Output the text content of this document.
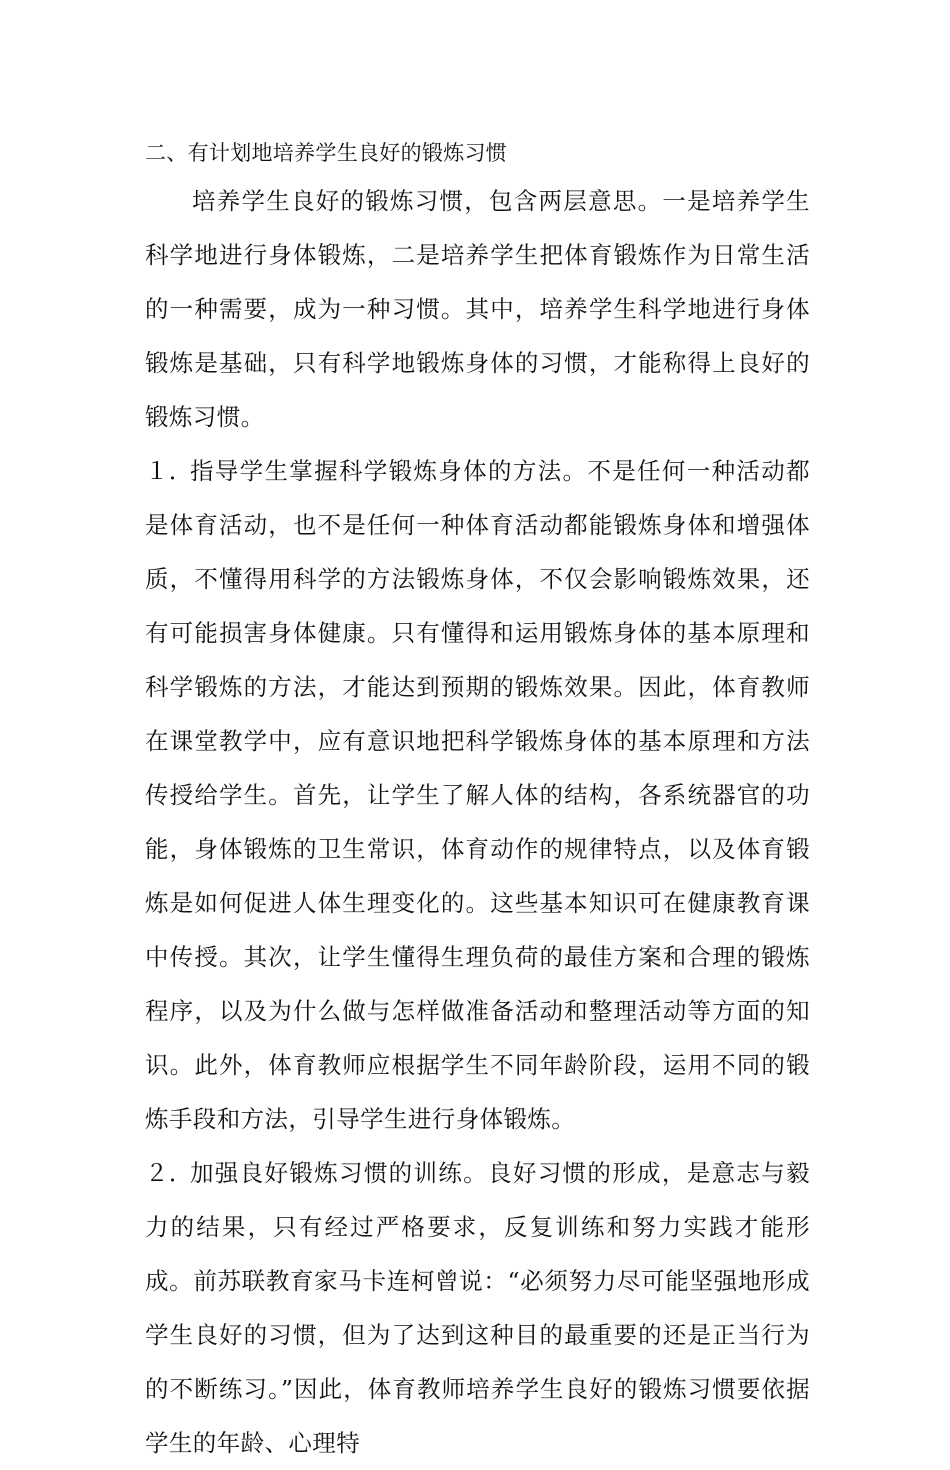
二、有计划地培养学生良好的锻炼习惯

培养学生良好的锻炼习惯，包含两层意思。一是培养学生科学地进行身体锻炼，二是培养学生把体育锻炼作为日常生活的一种需要，成为一种习惯。其中，培养学生科学地进行身体锻炼是基础，只有科学地锻炼身体的习惯，才能称得上良好的锻炼习惯。

１．指导学生掌握科学锻炼身体的方法。不是任何一种活动都是体育活动，也不是任何一种体育活动都能锻炼身体和增强体质，不懂得用科学的方法锻炼身体，不仅会影响锻炼效果，还有可能损害身体健康。只有懂得和运用锻炼身体的基本原理和科学锻炼的方法，才能达到预期的锻炼效果。因此，体育教师在课堂教学中，应有意识地把科学锻炼身体的基本原理和方法传授给学生。首先，让学生了解人体的结构，各系统器官的功能，身体锻炼的卫生常识，体育动作的规律特点，以及体育锻炼是如何促进人体生理变化的。这些基本知识可在健康教育课中传授。其次，让学生懂得生理负荷的最佳方案和合理的锻炼程序，以及为什么做与怎样做准备活动和整理活动等方面的知识。此外，体育教师应根据学生不同年龄阶段，运用不同的锻炼手段和方法，引导学生进行身体锻炼。

２．加强良好锻炼习惯的训练。良好习惯的形成，是意志与毅力的结果，只有经过严格要求，反复训练和努力实践才能形成。前苏联教育家马卡连柯曾说：“必须努力尽可能坚强地形成学生良好的习惯，但为了达到这种目的最重要的还是正当行为的不断练习。”因此，体育教师培养学生良好的锻炼习惯要依据学生的年龄、心理特
